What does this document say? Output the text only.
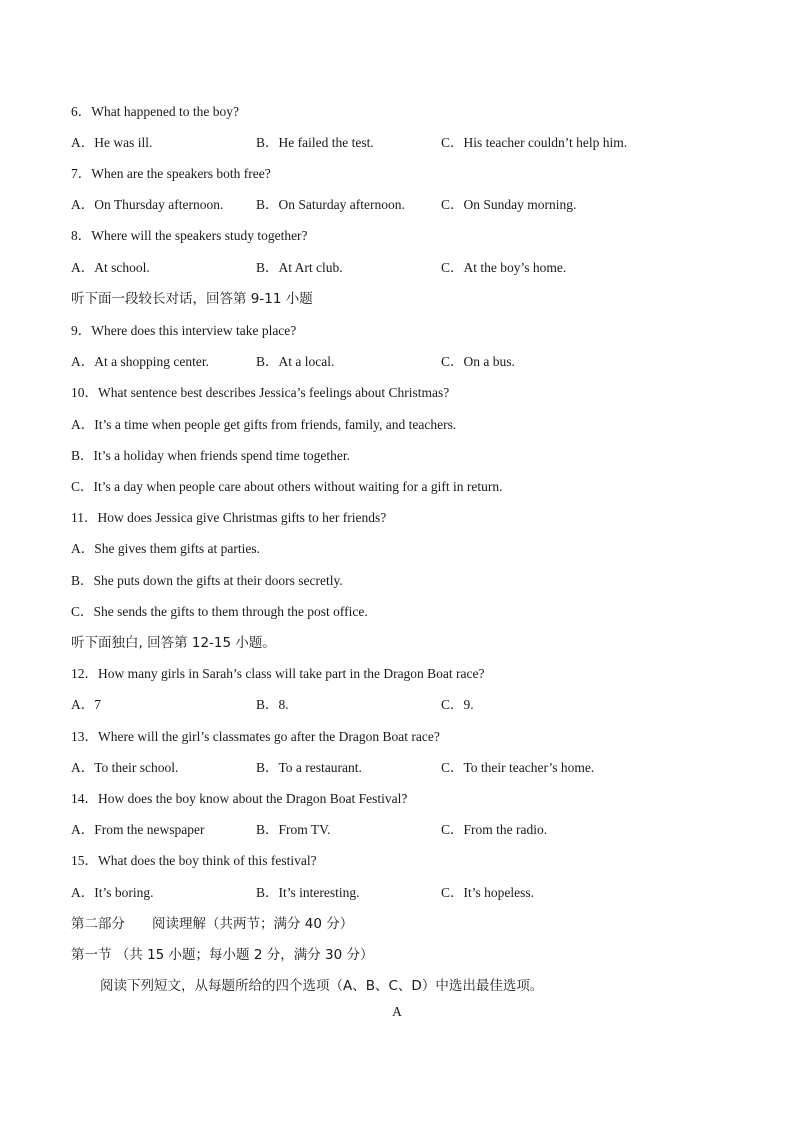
6．What happened to the boy?
A．He was ill.	B．He failed the test.	C．His teacher couldn’t help him.
7．When are the speakers both free?
A．On Thursday afternoon. B．On Saturday afternoon.	C．On Sunday morning.
8．Where will the speakers study together?
A．At school.	B．At Art club.	C．At the boy’s home.
听下面一段较长对话，回答第 9-11 小题
9．Where does this interview take place?
A．At a shopping center.	B．At a local.	C．On a bus.
10．What sentence best describes Jessica’s feelings about Christmas?
A．It’s a time when people get gifts from friends, family, and teachers.
B．It’s a holiday when friends spend time together.
C．It’s a day when people care about others without waiting for a gift in return.
11．How does Jessica give Christmas gifts to her friends?
A．She gives them gifts at parties.
B．She puts down the gifts at their doors secretly.
C．She sends the gifts to them through the post office.
听下面独白, 回答第 12-15 小题。
12．How many girls in Sarah’s class will take part in the Dragon Boat race?
A．7	B．8.	C．9.
13．Where will the girl’s classmates go after the Dragon Boat race?
A．To their school.	B．To a restaurant.	C．To their teacher’s home.
14．How does the boy know about the Dragon Boat Festival?
A．From the newspaper	B．From TV.	C．From the radio.
15．What does the boy think of this festival?
A．It’s boring.	B．It’s interesting.	C．It’s hopeless.
第二部分　　阅读理解（共两节；满分 40 分）
第一节 （共 15 小题；每小题 2 分，满分 30 分）
阅读下列短文，从每题所给的四个选项（A、B、C、D）中选出最佳选项。
A
